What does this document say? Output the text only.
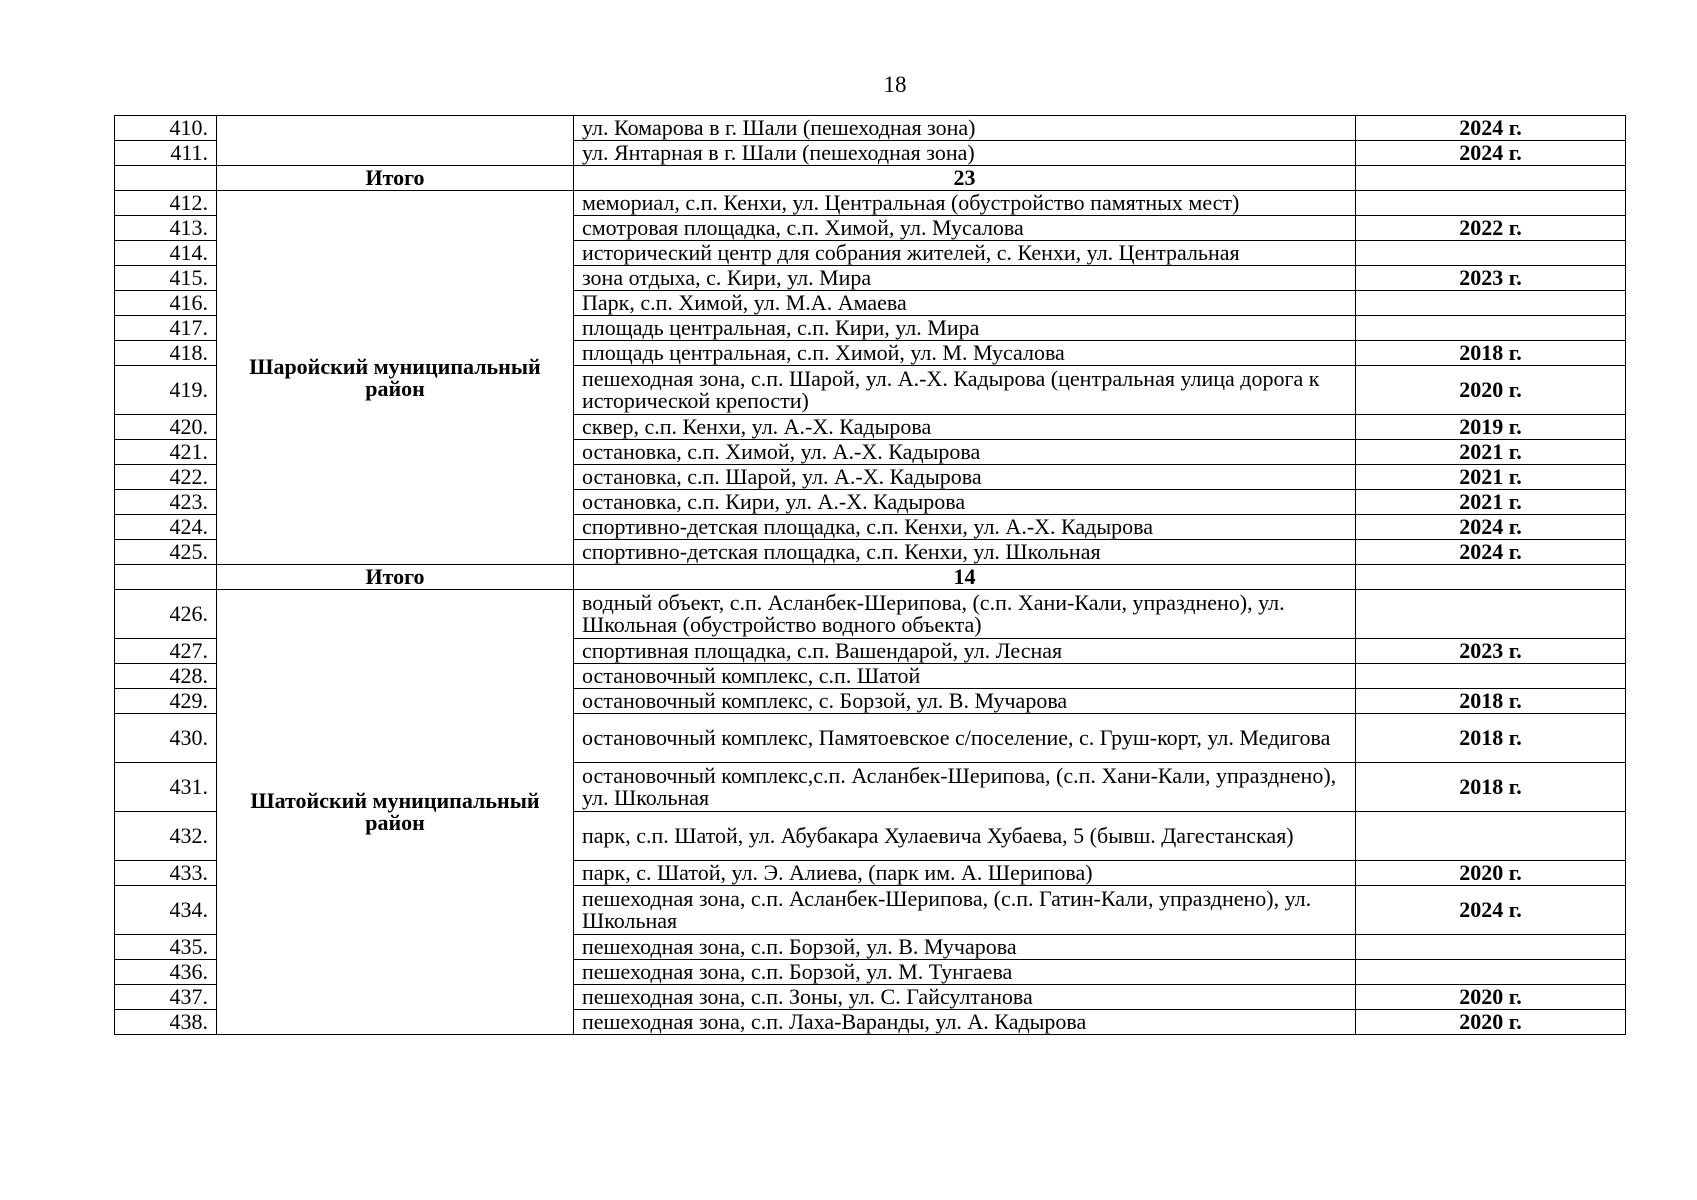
18
410.		ул. Комарова в г. Шали (пешеходная зона)	2024 г.
411.		ул. Янтарная в г. Шали (пешеходная зона)	2024 г.
	Итого	23	
412.	Шаройский муниципальный район	мемориал, с.п. Кенхи, ул. Центральная (обустройство памятных мест)	
413.		смотровая площадка, с.п. Химой, ул. Мусалова	2022 г.
414.		исторический центр для собрания жителей, с. Кенхи, ул. Центральная	
415.		зона отдыха, с. Кири, ул. Мира	2023 г.
416.		Парк, с.п. Химой, ул. М.А. Амаева	
417.		площадь центральная, с.п. Кири, ул. Мира	
418.		площадь центральная, с.п. Химой, ул. М. Мусалова	2018 г.
419.		пешеходная зона, с.п. Шарой, ул. А.-Х. Кадырова (центральная улица дорога к исторической крепости)	2020 г.
420.		сквер, с.п. Кенхи, ул. А.-Х. Кадырова	2019 г.
421.		остановка, с.п. Химой, ул. А.-Х. Кадырова	2021 г.
422.		остановка, с.п. Шарой, ул. А.-Х. Кадырова	2021 г.
423.		остановка, с.п. Кири, ул. А.-Х. Кадырова	2021 г.
424.		спортивно-детская площадка, с.п. Кенхи, ул. А.-Х. Кадырова	2024 г.
425.		спортивно-детская площадка, с.п. Кенхи, ул. Школьная	2024 г.
	Итого	14	
426.	Шатойский муниципальный район	водный объект, с.п. Асланбек-Шерипова, (с.п. Хани-Кали, упразднено), ул. Школьная (обустройство водного объекта)	
427.		спортивная площадка, с.п. Вашендарой, ул. Лесная	2023 г.
428.		остановочный комплекс, с.п. Шатой	
429.		остановочный комплекс, с. Борзой, ул. В. Мучарова	2018 г.
430.		остановочный комплекс, Памятоевское с/поселение, с. Груш-корт, ул. Медигова	2018 г.
431.		остановочный комплекс,с.п. Асланбек-Шерипова, (с.п. Хани-Кали, упразднено), ул. Школьная	2018 г.
432.		парк, с.п. Шатой, ул. Абубакара Хулаевича Хубаева, 5 (бывш. Дагестанская)	
433.		парк, с. Шатой, ул. Э. Алиева, (парк им. А. Шерипова)	2020 г.
434.		пешеходная зона, с.п. Асланбек-Шерипова, (с.п. Гатин-Кали, упразднено), ул. Школьная	2024 г.
435.		пешеходная зона, с.п. Борзой, ул. В. Мучарова	
436.		пешеходная зона, с.п. Борзой, ул. М. Тунгаева	
437.		пешеходная зона, с.п. Зоны, ул. С. Гайсултанова	2020 г.
438.		пешеходная зона, с.п. Лаха-Варанды, ул. А. Кадырова	2020 г.
